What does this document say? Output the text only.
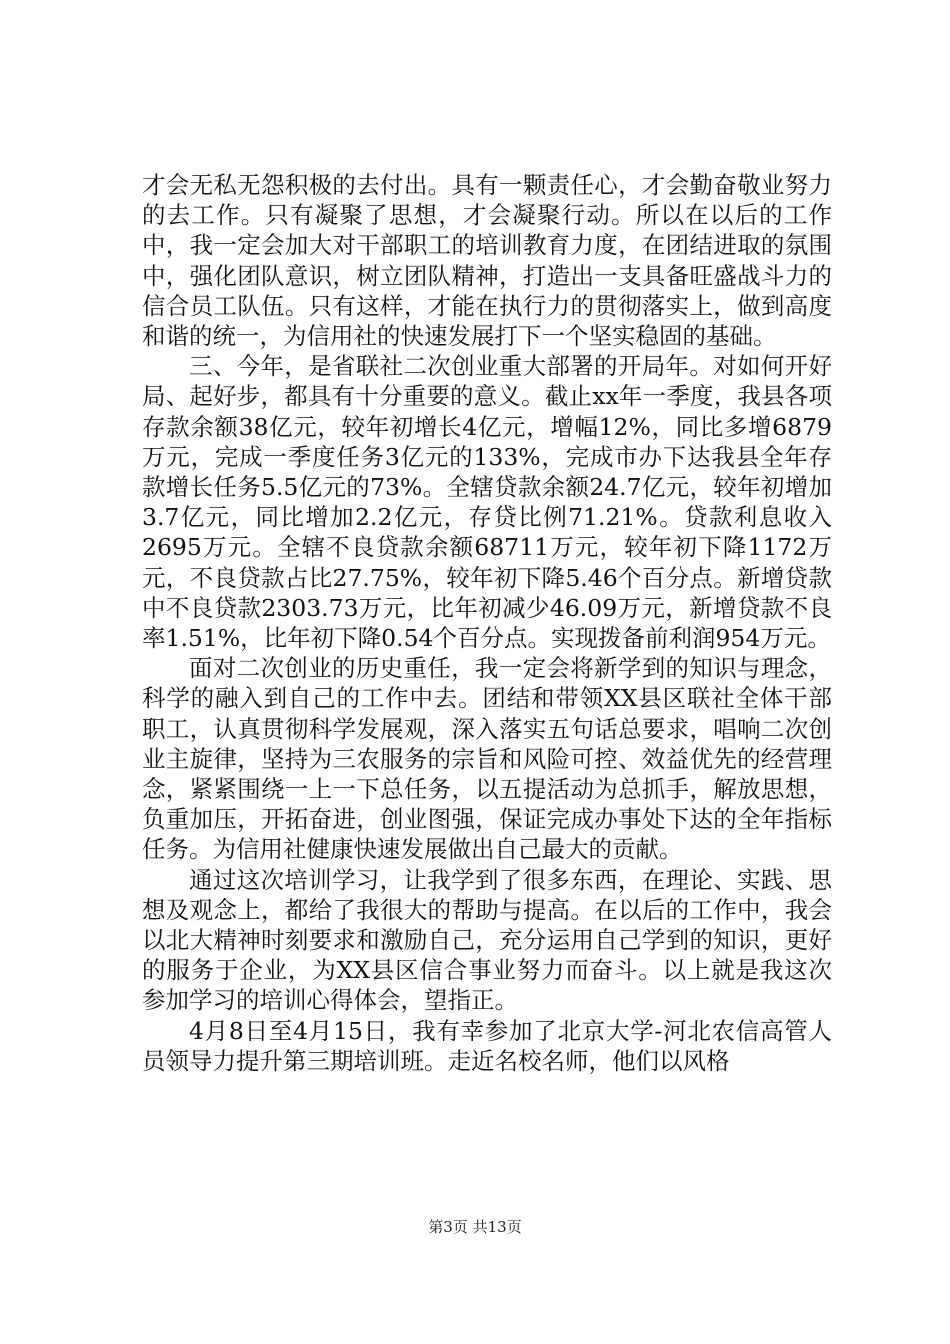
才会无私无怨积极的去付出。具有一颗责任心，才会勤奋敬业努力的去工作。只有凝聚了思想，才会凝聚行动。所以在以后的工作中，我一定会加大对干部职工的培训教育力度，在团结进取的氛围中，强化团队意识，树立团队精神，打造出一支具备旺盛战斗力的信合员工队伍。只有这样，才能在执行力的贯彻落实上，做到高度和谐的统一，为信用社的快速发展打下一个坚实稳固的基础。

三、今年，是省联社二次创业重大部署的开局年。对如何开好局、起好步，都具有十分重要的意义。截止xx年一季度，我县各项存款余额38亿元，较年初增长4亿元，增幅12%，同比多增6879万元，完成一季度任务3亿元的133%，完成市办下达我县全年存款增长任务5.5亿元的73%。全辖贷款余额24.7亿元，较年初增加3.7亿元，同比增加2.2亿元，存贷比例71.21%。贷款利息收入2695万元。全辖不良贷款余额68711万元，较年初下降1172万元，不良贷款占比27.75%，较年初下降5.46个百分点。新增贷款中不良贷款2303.73万元，比年初减少46.09万元，新增贷款不良率1.51%，比年初下降0.54个百分点。实现拨备前利润954万元。

面对二次创业的历史重任，我一定会将新学到的知识与理念，科学的融入到自己的工作中去。团结和带领XX县区联社全体干部职工，认真贯彻科学发展观，深入落实五句话总要求，唱响二次创业主旋律，坚持为三农服务的宗旨和风险可控、效益优先的经营理念，紧紧围绕一上一下总任务，以五提活动为总抓手，解放思想，负重加压，开拓奋进，创业图强，保证完成办事处下达的全年指标任务。为信用社健康快速发展做出自己最大的贡献。

通过这次培训学习，让我学到了很多东西，在理论、实践、思想及观念上，都给了我很大的帮助与提高。在以后的工作中，我会以北大精神时刻要求和激励自己，充分运用自己学到的知识，更好的服务于企业，为XX县区信合事业努力而奋斗。以上就是我这次参加学习的培训心得体会，望指正。

4月8日至4月15日，我有幸参加了北京大学-河北农信高管人员领导力提升第三期培训班。走近名校名师，他们以风格

第3页 共13页
